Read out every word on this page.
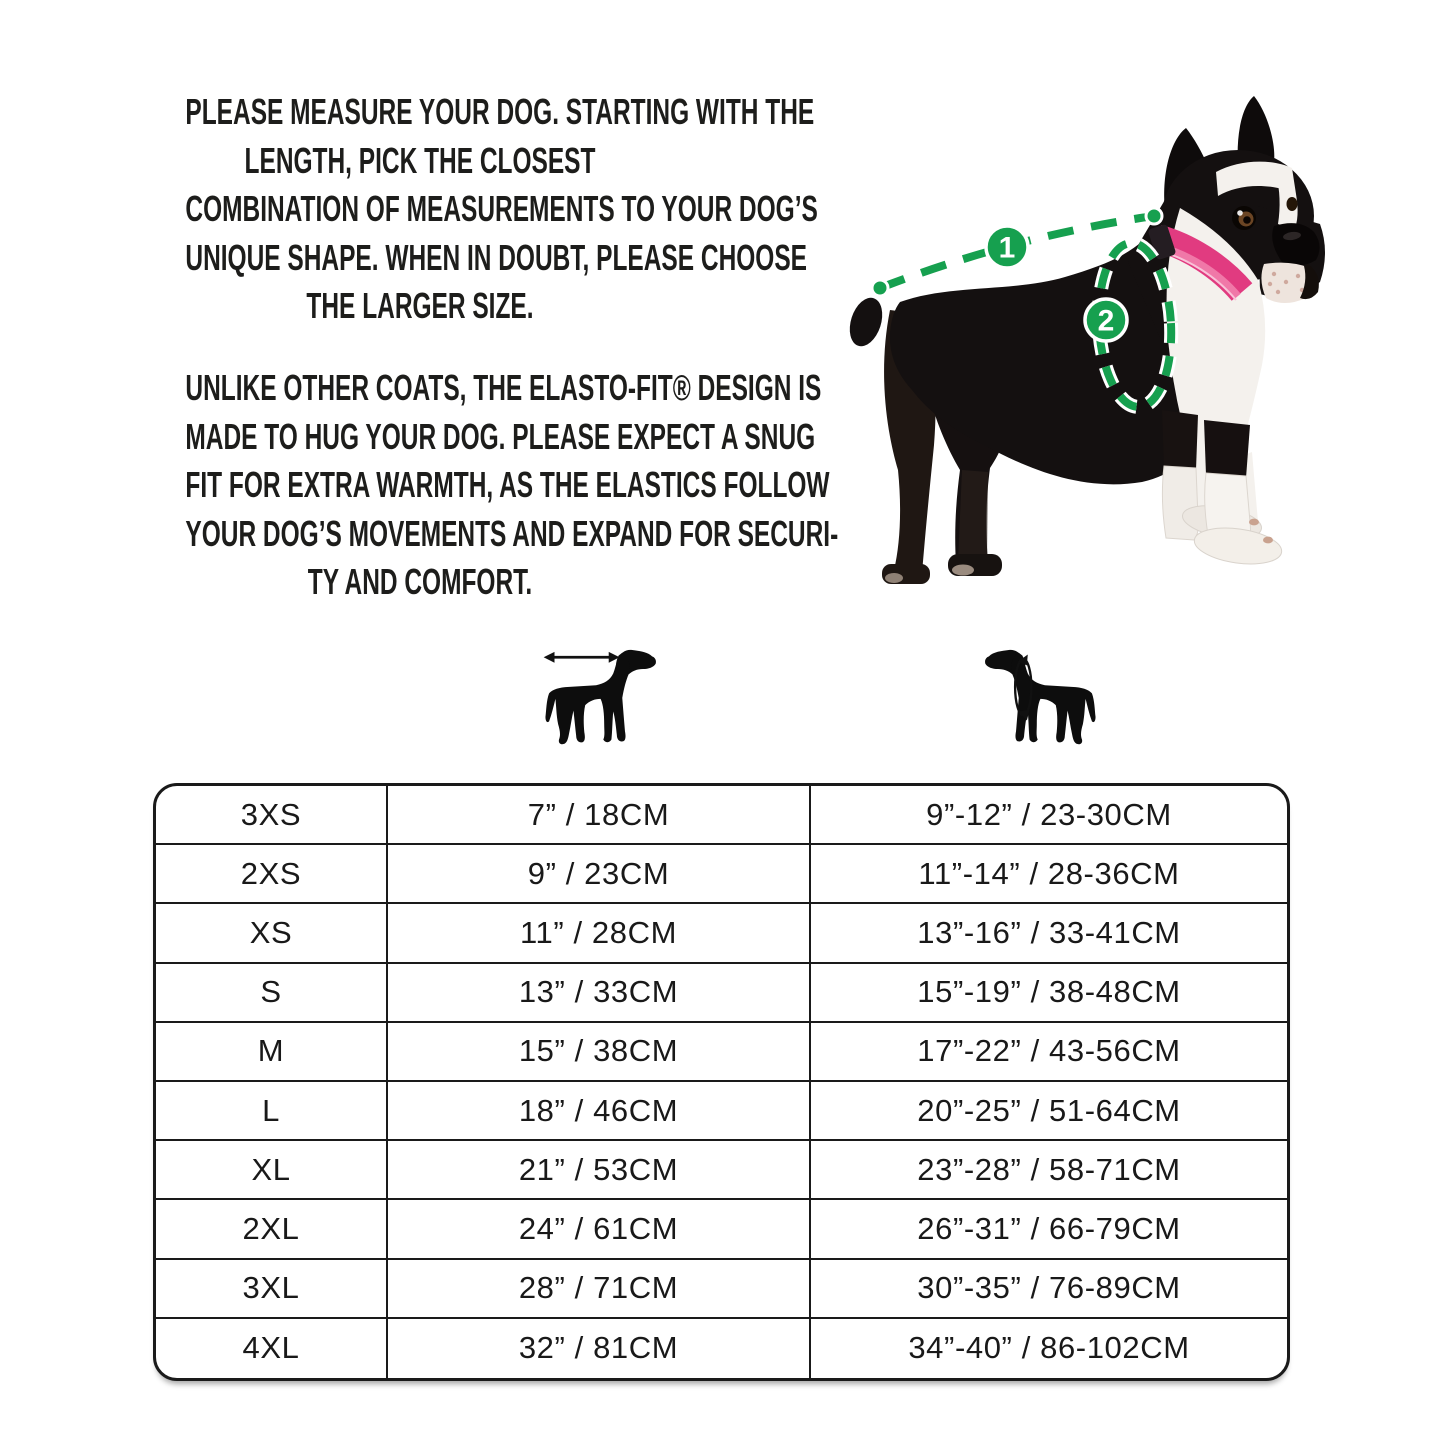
PLEASE MEASURE YOUR DOG. STARTING WITH THE
LENGTH, PICK THE CLOSEST
COMBINATION OF MEASUREMENTS TO YOUR DOG’S
UNIQUE SHAPE. WHEN IN DOUBT, PLEASE CHOOSE
THE LARGER SIZE.
UNLIKE OTHER COATS, THE ELASTO-FIT® DESIGN IS
MADE TO HUG YOUR DOG. PLEASE EXPECT A SNUG
FIT FOR EXTRA WARMTH, AS THE ELASTICS FOLLOW
YOUR DOG’S MOVEMENTS AND EXPAND FOR SECURI-
TY AND COMFORT.
1
2
3XS	7” / 18CM	9”-12” / 23-30CM
2XS	9” / 23CM	11”-14” / 28-36CM
XS	11” / 28CM	13”-16” / 33-41CM
S	13” / 33CM	15”-19” / 38-48CM
M	15” / 38CM	17”-22” / 43-56CM
L	18” / 46CM	20”-25” / 51-64CM
XL	21” / 53CM	23”-28” / 58-71CM
2XL	24” / 61CM	26”-31” / 66-79CM
3XL	28” / 71CM	30”-35” / 76-89CM
4XL	32” / 81CM	34”-40” / 86-102CM
